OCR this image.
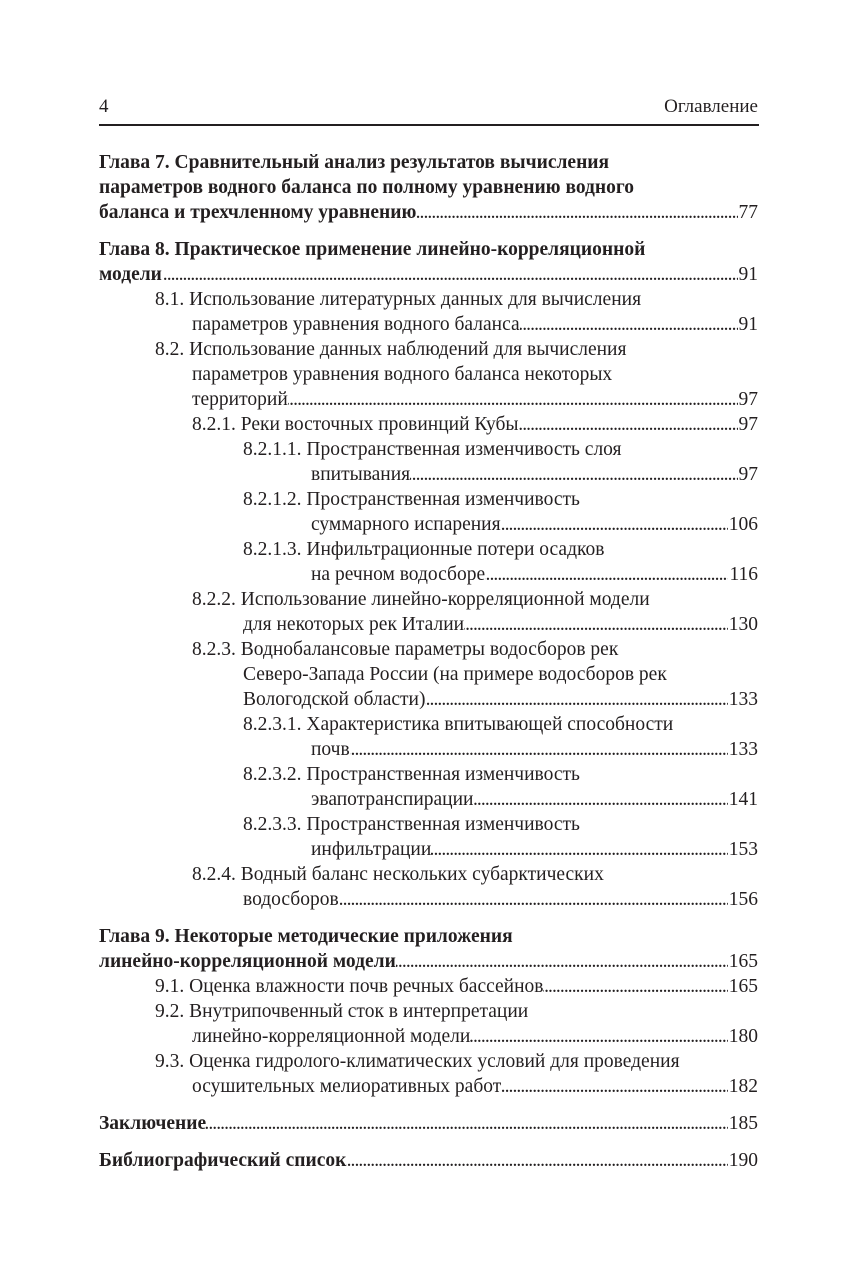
4	Оглавление
Глава 7. Сравнительный анализ результатов вычисления
параметров водного баланса по полному уравнению водного
баланса и трехчленному уравнению . . .	77
Глава 8. Практическое применение линейно-корреляционной
модели . . .	91
8.1. Использование литературных данных для вычисления
параметров уравнения водного баланса . . .	91
8.2. Использование данных наблюдений для вычисления
параметров уравнения водного баланса некоторых
территорий . . .	97
8.2.1. Реки восточных провинций Кубы . . .	97
8.2.1.1. Пространственная изменчивость слоя
впитывания . . .	97
8.2.1.2. Пространственная изменчивость
суммарного испарения . . .	106
8.2.1.3. Инфильтрационные потери осадков
на речном водосборе . . .	116
8.2.2. Использование линейно-корреляционной модели
для некоторых рек Италии . . .	130
8.2.3. Воднобалансовые параметры водосборов рек
Северо-Запада России (на примере водосборов рек
Вологодской области) . . .	133
8.2.3.1. Характеристика впитывающей способности
почв . . .	133
8.2.3.2. Пространственная изменчивость
эвапотранспирации . . .	141
8.2.3.3. Пространственная изменчивость
инфильтрации . . .	153
8.2.4. Водный баланс нескольких субарктических
водосборов . . .	156
Глава 9. Некоторые методические приложения
линейно-корреляционной модели . . .	165
9.1. Оценка влажности почв речных бассейнов . . .	165
9.2. Внутрипочвенный сток в интерпретации
линейно-корреляционной модели . . .	180
9.3. Оценка гидролого-климатических условий для проведения
осушительных мелиоративных работ . . .	182
Заключение . . .	185
Библиографический список . . .	190
